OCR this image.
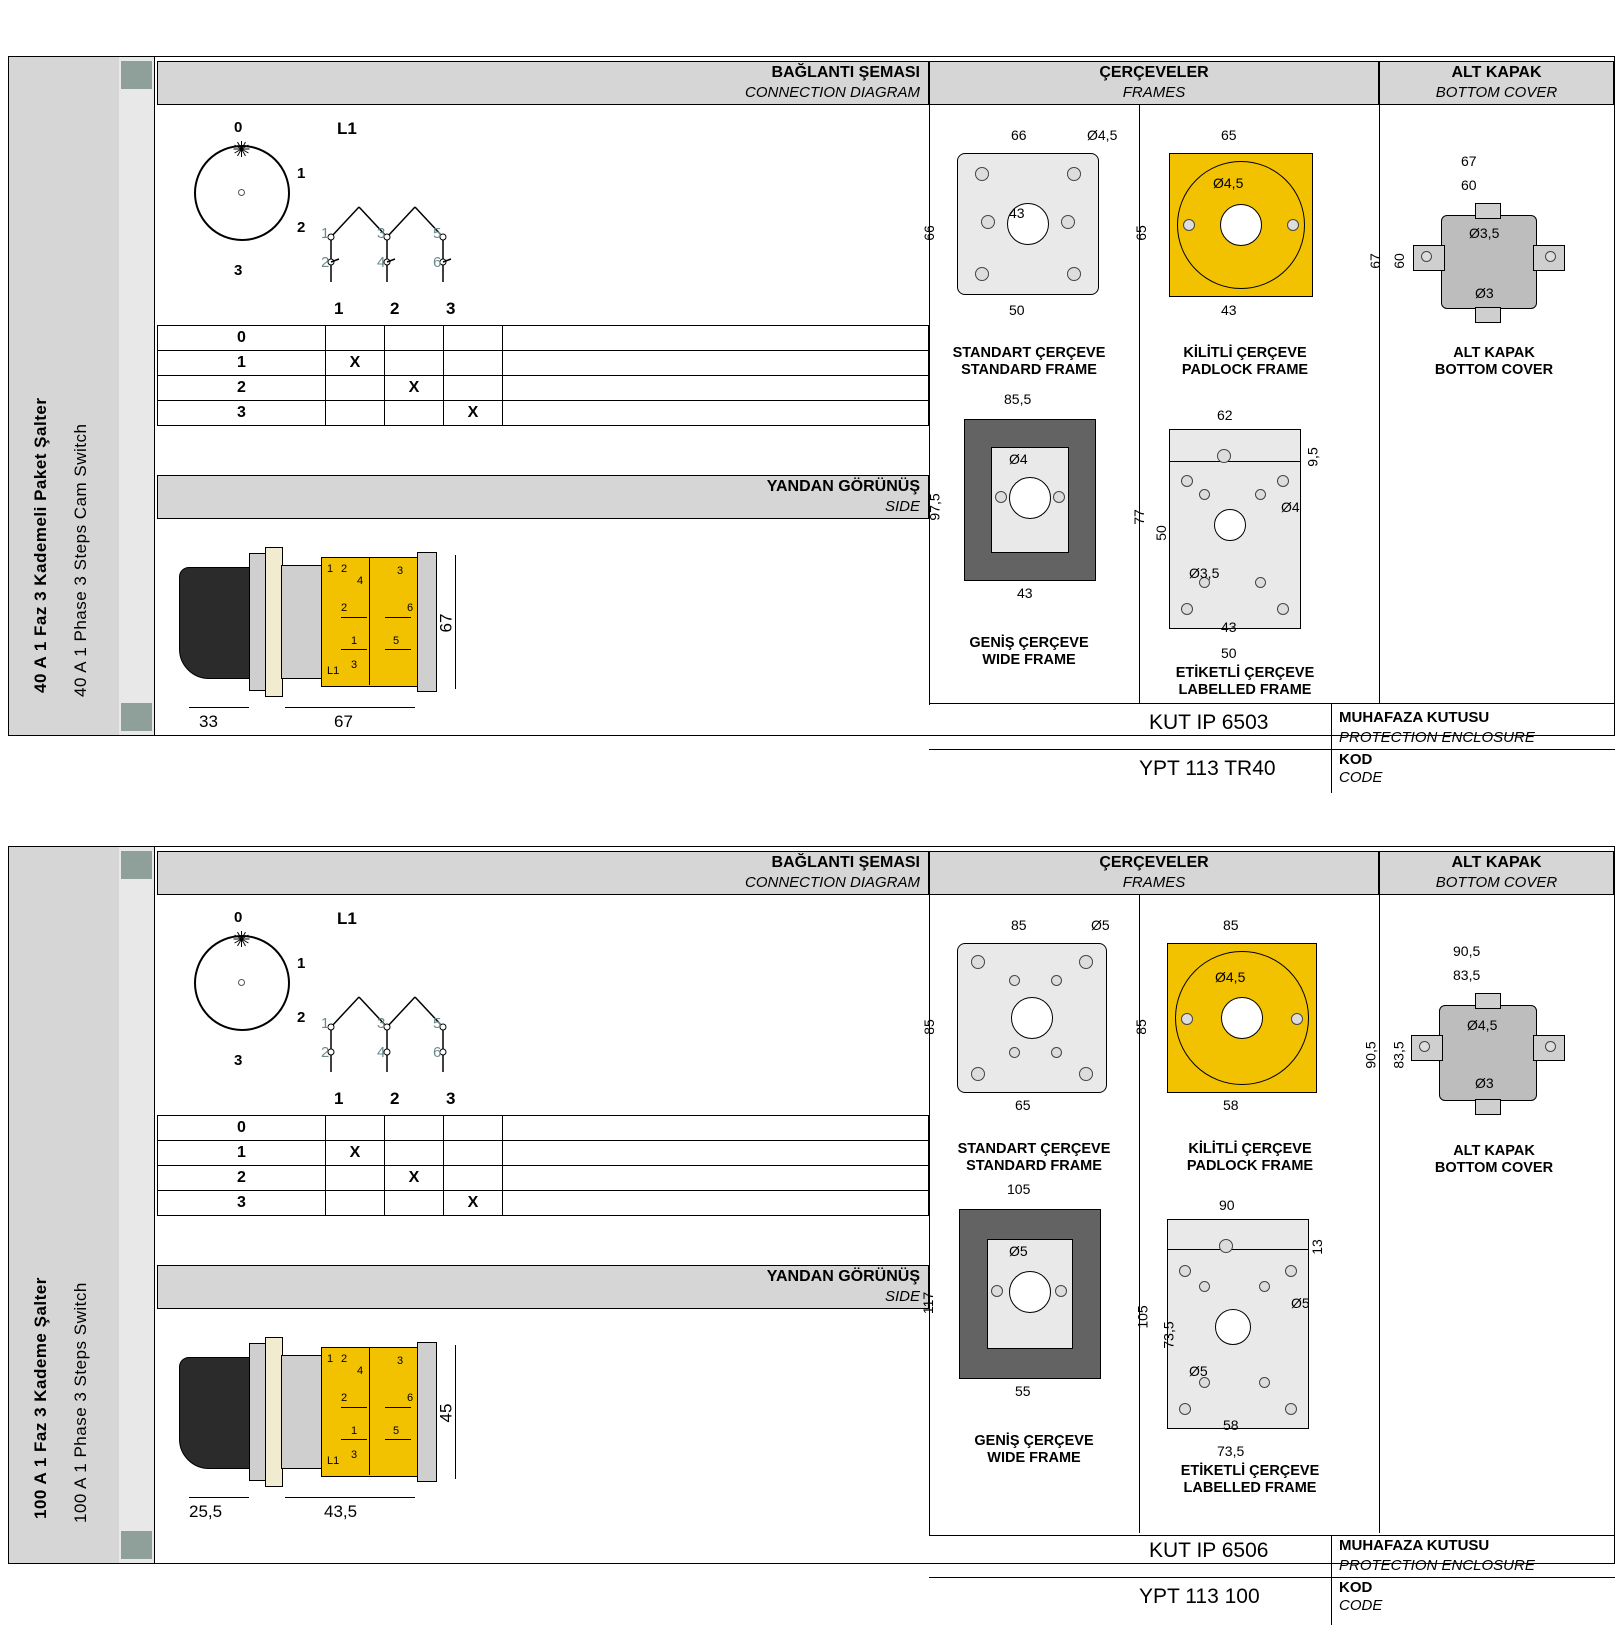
40 A 1 Faz 3 Kademeli Paket Şalter 40 A 1 Phase 3 Steps Cam Switch
BAĞLANTI ŞEMASI
CONNECTION DIAGRAM
ÇERÇEVELER
FRAMES
ALT KAPAK
BOTTOM COVER
0
1
2
3
L1
1
2
3
4
5
6
1	2	3
0				
1	X			
2		X		
3			X	
YANDAN GÖRÜNÜŞ
SIDE
1 2
4
2
3
6
1
3
5
L1
33	67
67
66	Ø4,5
66
43
50
STANDART ÇERÇEVE
STANDARD FRAME
65
65
Ø4,5
43
KİLİTLİ ÇERÇEVE
PADLOCK FRAME
85,5
97,5
Ø4
43
GENİŞ ÇERÇEVE
WIDE FRAME
62
9,5
77
50
Ø4
Ø3,5
43
50
ETİKETLİ ÇERÇEVE
LABELLED FRAME
67
60
67 60
Ø3,5
Ø3
ALT KAPAK
BOTTOM COVER
KUT IP 6503	MUHAFAZA KUTUSU
PROTECTION ENCLOSURE
YPT 113 TR40	KOD
CODE
100 A 1 Faz 3 Kademe Şalter 100 A 1 Phase 3 Steps Switch
BAĞLANTI ŞEMASI
CONNECTION DIAGRAM
ÇERÇEVELER
FRAMES
ALT KAPAK
BOTTOM COVER
0
1
2
3
L1
1
2
3
4
5
6
1	2	3
0				
1	X			
2		X		
3			X	
YANDAN GÖRÜNÜŞ
SIDE
1 2
4
2
3
6
1
3
5
L1
25,5	43,5
45
85	Ø5
85
65
STANDART ÇERÇEVE
STANDARD FRAME
85
85
Ø4,5
58
KİLİTLİ ÇERÇEVE
PADLOCK FRAME
105
117
Ø5
55
GENİŞ ÇERÇEVE
WIDE FRAME
90
13
105
73,5
Ø5
Ø5
58
73,5
ETİKETLİ ÇERÇEVE
LABELLED FRAME
90,5
83,5
90,5 83,5
Ø4,5
Ø3
ALT KAPAK
BOTTOM COVER
KUT IP 6506	MUHAFAZA KUTUSU
PROTECTION ENCLOSURE
YPT 113 100	KOD
CODE
